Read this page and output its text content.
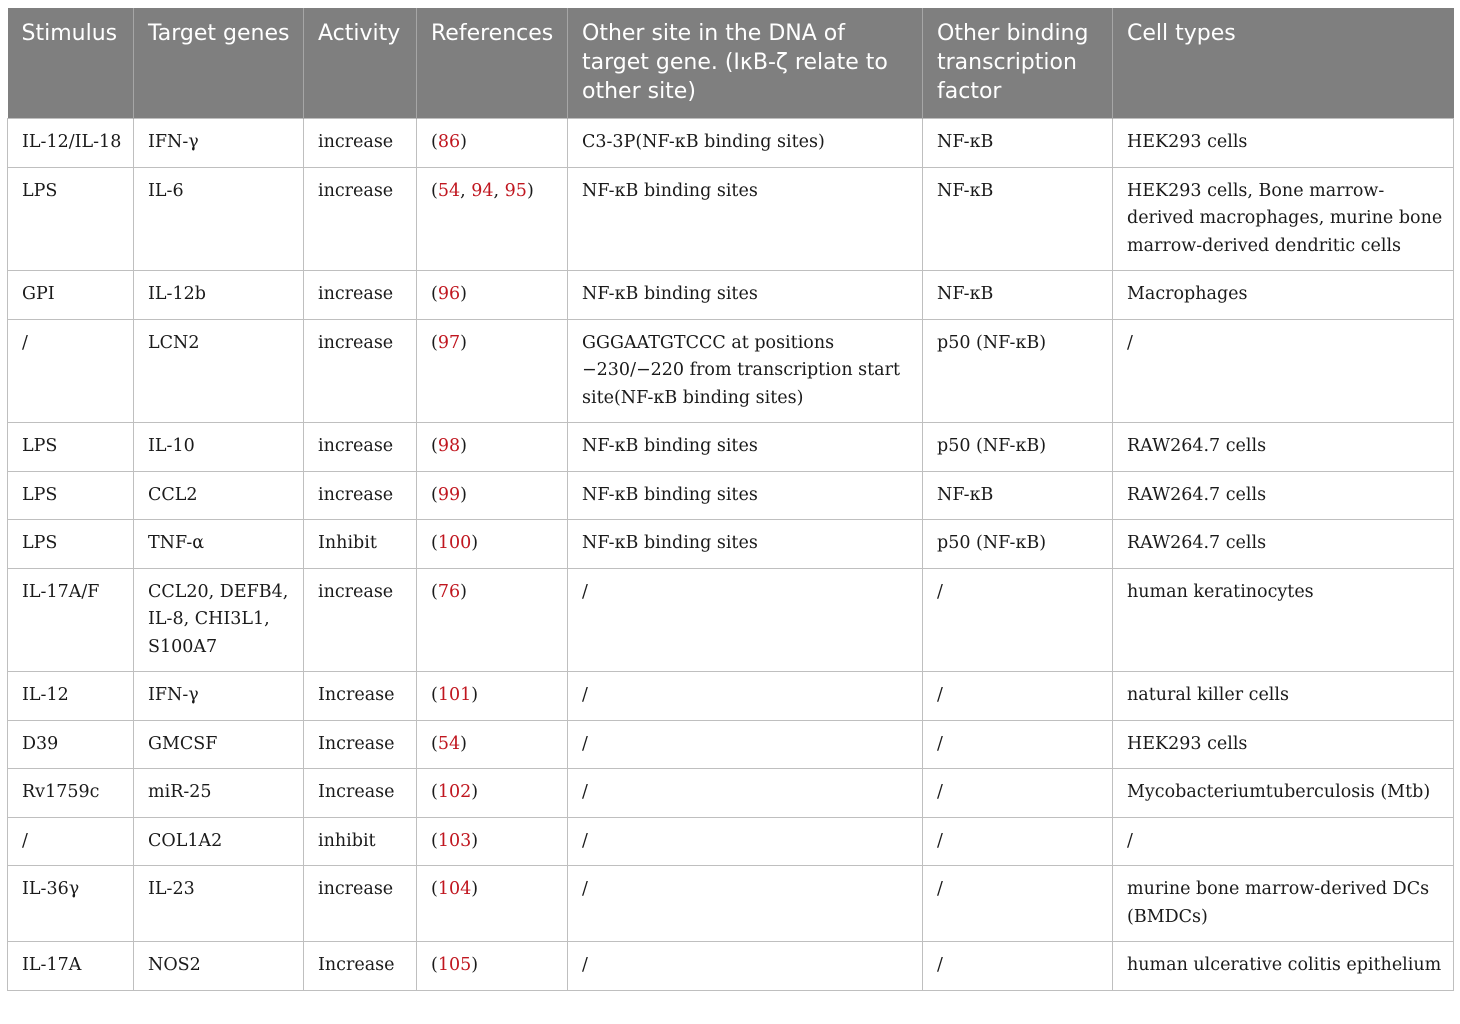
Stimulus	Target genes	Activity	References	Other site in the DNA of target gene. (IκB-ζ relate to other site)	Other binding transcription factor	Cell types
IL-12/IL-18	IFN-γ	increase	(86)	C3-3P(NF-κB binding sites)	NF-κB	HEK293 cells
LPS	IL-6	increase	(54, 94, 95)	NF-κB binding sites	NF-κB	HEK293 cells, Bone marrow-derived macrophages, murine bone marrow-derived dendritic cells
GPI	IL-12b	increase	(96)	NF-κB binding sites	NF-κB	Macrophages
/	LCN2	increase	(97)	GGGAATGTCCC at positions −230/−220 from transcription start site(NF-κB binding sites)	p50 (NF-κB)	/
LPS	IL-10	increase	(98)	NF-κB binding sites	p50 (NF-κB)	RAW264.7 cells
LPS	CCL2	increase	(99)	NF-κB binding sites	NF-κB	RAW264.7 cells
LPS	TNF-α	Inhibit	(100)	NF-κB binding sites	p50 (NF-κB)	RAW264.7 cells
IL-17A/F	CCL20, DEFB4, IL-8, CHI3L1, S100A7	increase	(76)	/	/	human keratinocytes
IL-12	IFN-γ	Increase	(101)	/	/	natural killer cells
D39	GMCSF	Increase	(54)	/	/	HEK293 cells
Rv1759c	miR-25	Increase	(102)	/	/	Mycobacteriumtuberculosis (Mtb)
/	COL1A2	inhibit	(103)	/	/	/
IL-36γ	IL-23	increase	(104)	/	/	murine bone marrow-derived DCs (BMDCs)
IL-17A	NOS2	Increase	(105)	/	/	human ulcerative colitis epithelium
